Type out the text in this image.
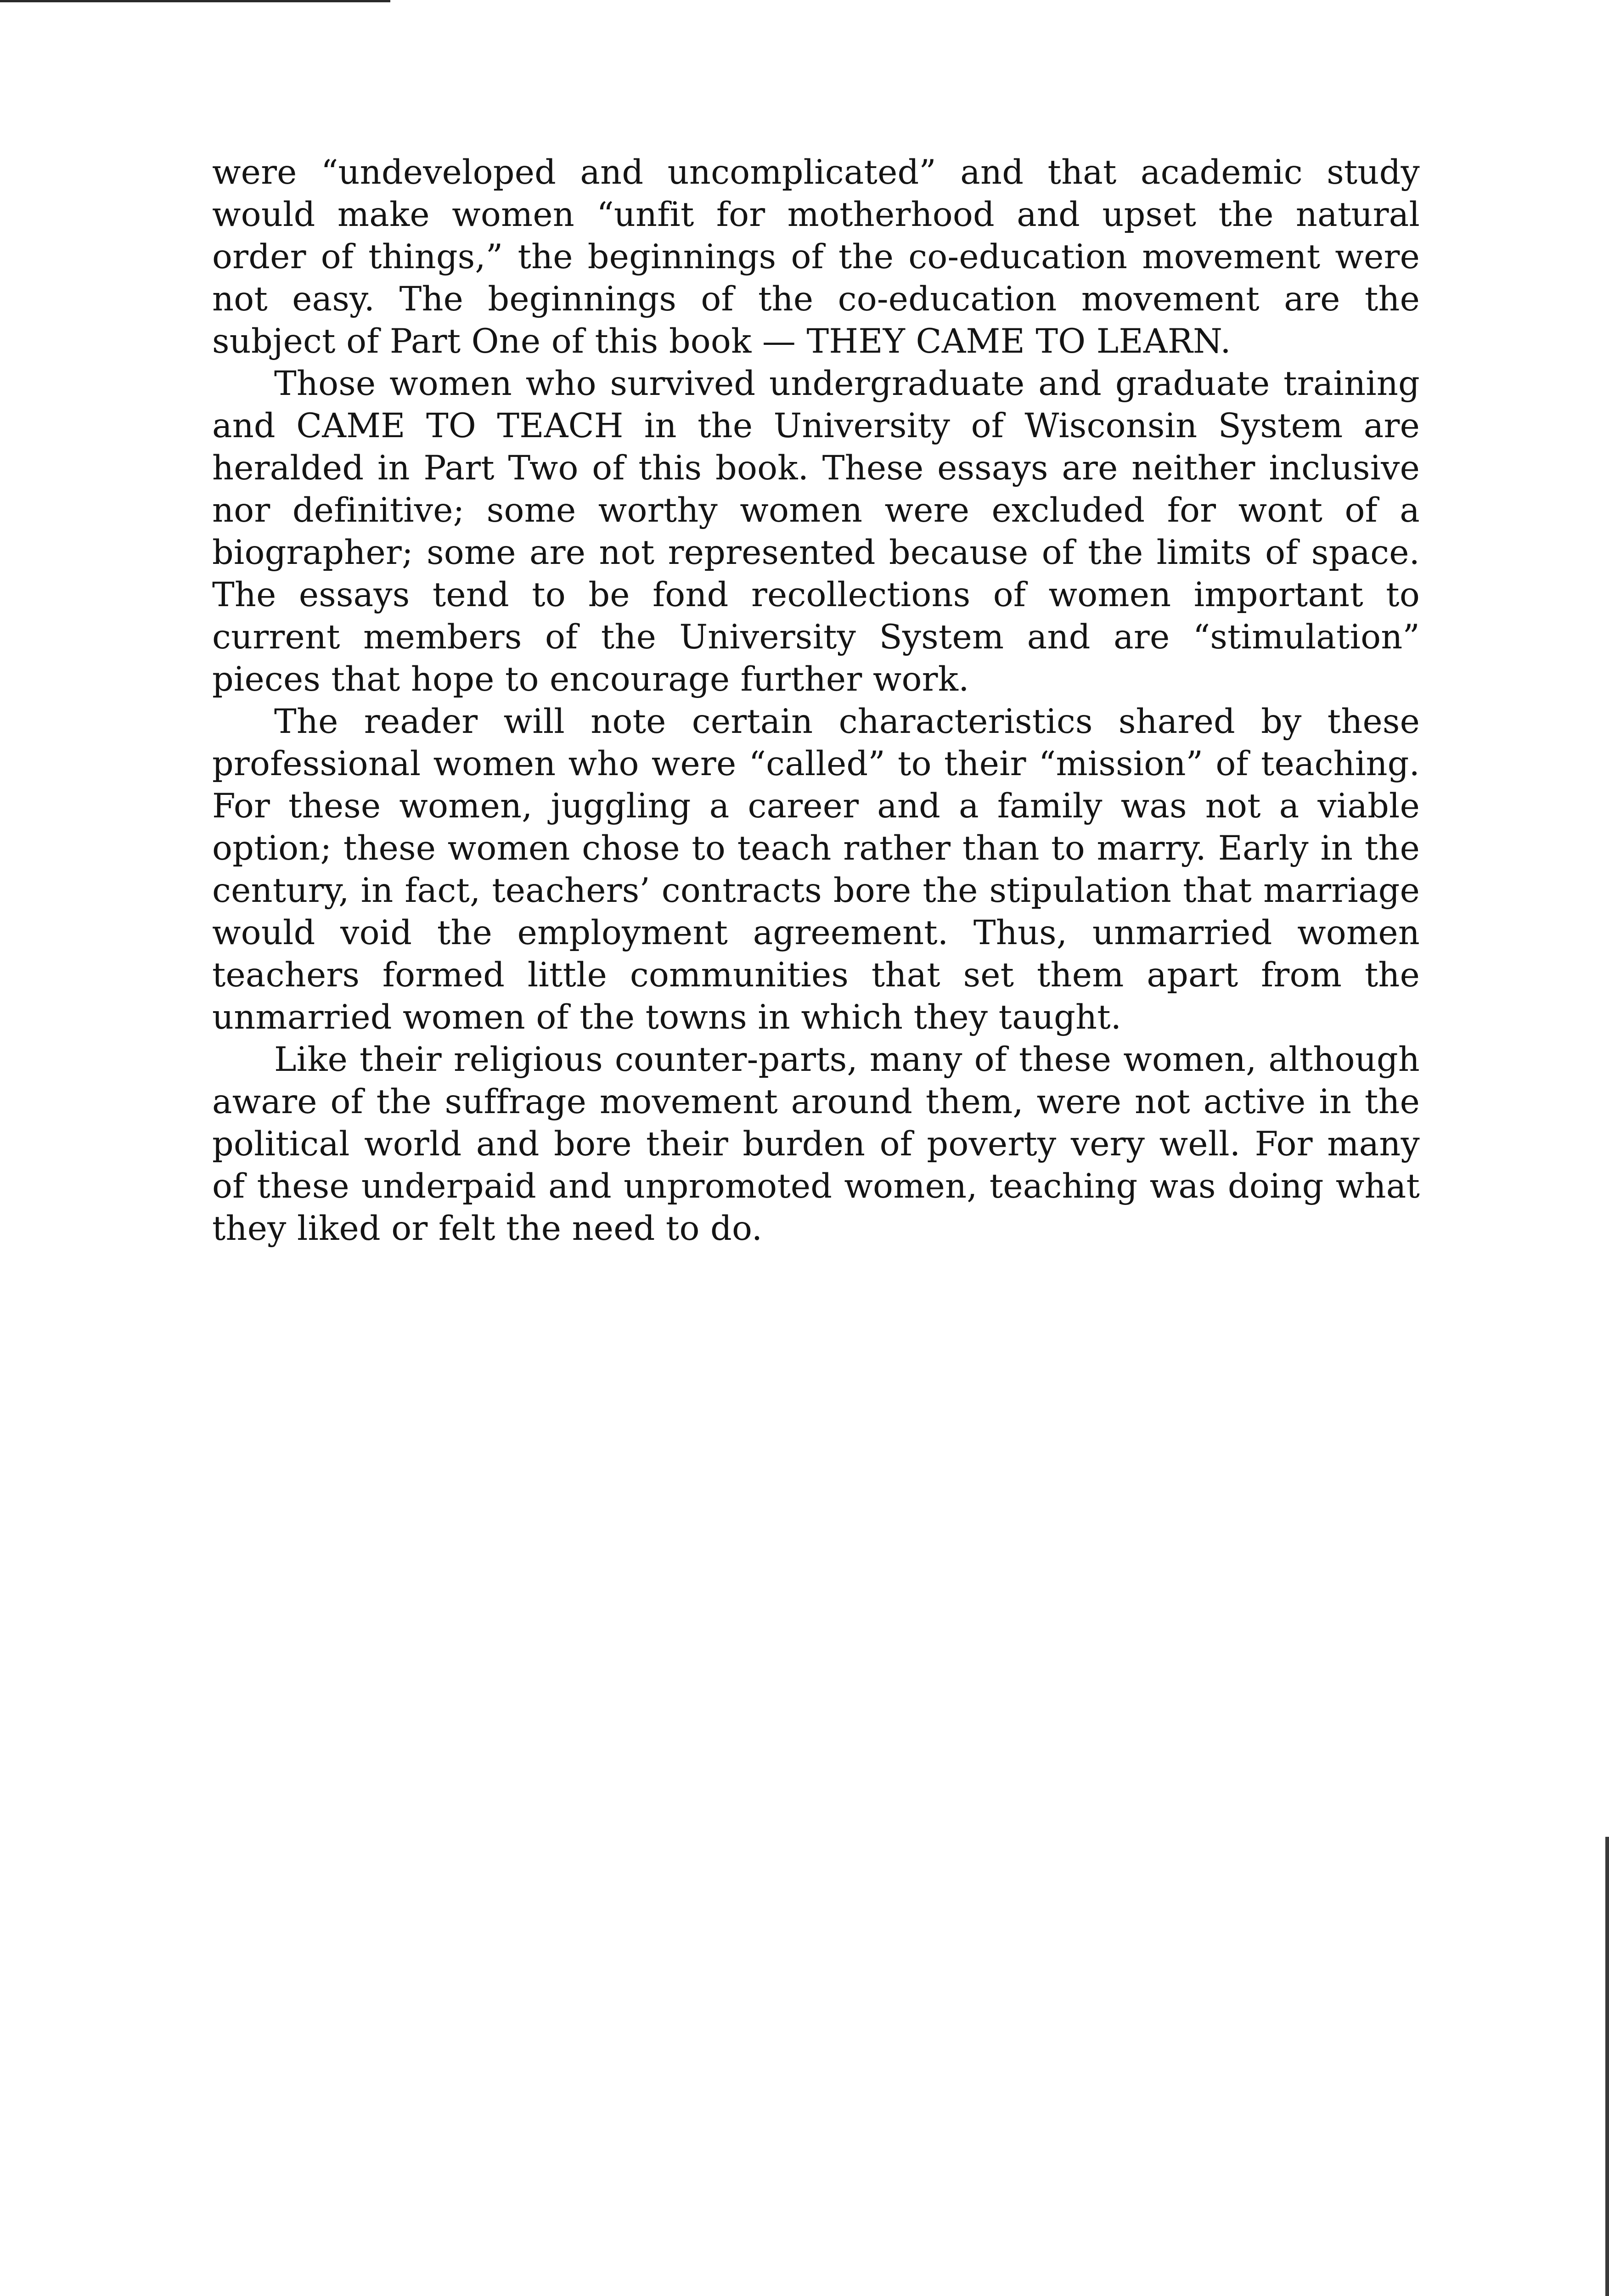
were “undeveloped and uncomplicated” and that academic study would make women “unfit for motherhood and upset the natural order of things,” the beginnings of the co-education movement were not easy. The beginnings of the co-education movement are the subject of Part One of this book — THEY CAME TO LEARN.

Those women who survived undergraduate and graduate training and CAME TO TEACH in the University of Wisconsin System are heralded in Part Two of this book. These essays are neither inclusive nor definitive; some worthy women were excluded for wont of a biographer; some are not represented because of the limits of space. The essays tend to be fond recollections of women important to current members of the University System and are “stimulation” pieces that hope to encourage further work.

The reader will note certain characteristics shared by these professional women who were “called” to their “mission” of teaching. For these women, juggling a career and a family was not a viable option; these women chose to teach rather than to marry. Early in the century, in fact, teachers’ contracts bore the stipulation that marriage would void the employment agreement. Thus, unmarried women teachers formed little communities that set them apart from the unmarried women of the towns in which they taught.

Like their religious counter-parts, many of these women, although aware of the suffrage movement around them, were not active in the political world and bore their burden of poverty very well. For many of these underpaid and unpromoted women, teaching was doing what they liked or felt the need to do.
